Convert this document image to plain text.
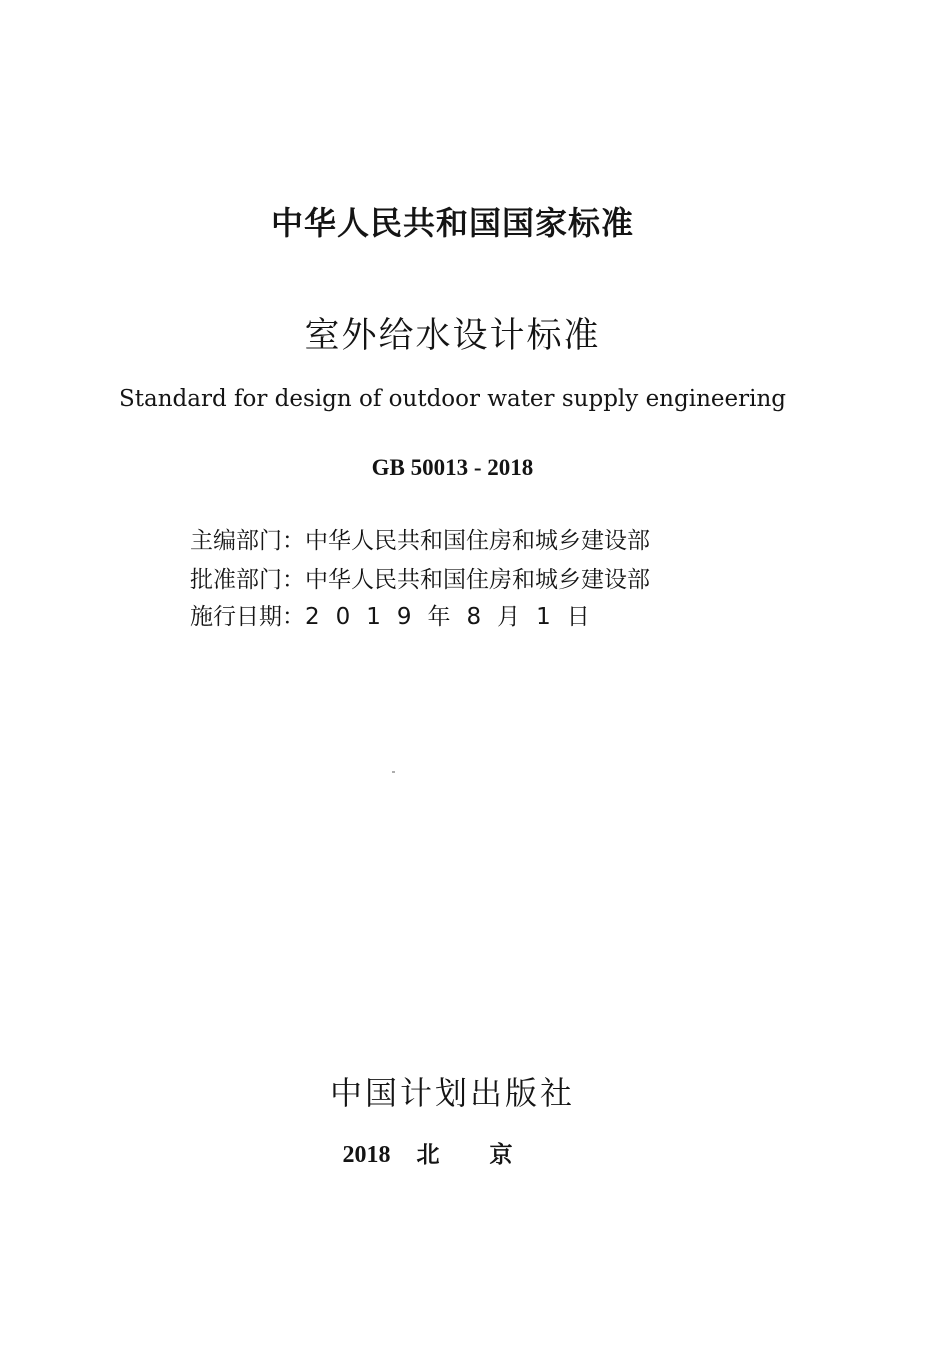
中华人民共和国国家标准
室外给水设计标准
Standard for design of outdoor water supply engineering
GB 50013 - 2018
主编部门：中华人民共和国住房和城乡建设部
批准部门：中华人民共和国住房和城乡建设部
施行日期：2019年8月1日
中国计划出版社
2018 北京
